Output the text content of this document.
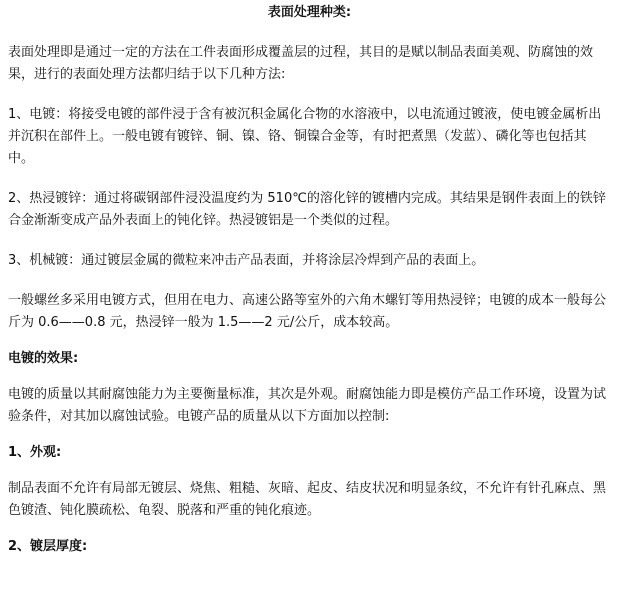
表面处理种类:

表面处理即是通过一定的方法在工件表面形成覆盖层的过程，其目的是赋以制品表面美观、防腐蚀的效果，进行的表面处理方法都归结于以下几种方法:

1、电镀：将接受电镀的部件浸于含有被沉积金属化合物的水溶液中，以电流通过镀液，使电镀金属析出并沉积在部件上。一般电镀有镀锌、铜、镍、铬、铜镍合金等，有时把煮黑（发蓝）、磷化等也包括其中。

2、热浸镀锌：通过将碳钢部件浸没温度约为 510℃的溶化锌的镀槽内完成。其结果是钢件表面上的铁锌合金渐渐变成产品外表面上的钝化锌。热浸镀铝是一个类似的过程。

3、机械镀：通过镀层金属的微粒来冲击产品表面，并将涂层冷焊到产品的表面上。

一般螺丝多采用电镀方式，但用在电力、高速公路等室外的六角木螺钉等用热浸锌；电镀的成本一般每公斤为 0.6——0.8 元，热浸锌一般为 1.5——2 元/公斤，成本较高。

电镀的效果:

电镀的质量以其耐腐蚀能力为主要衡量标准，其次是外观。耐腐蚀能力即是模仿产品工作环境，设置为试验条件，对其加以腐蚀试验。电镀产品的质量从以下方面加以控制:

1、外观:

制品表面不允许有局部无镀层、烧焦、粗糙、灰暗、起皮、结皮状况和明显条纹，不允许有针孔麻点、黑色镀渣、钝化膜疏松、龟裂、脱落和严重的钝化痕迹。

2、镀层厚度:
